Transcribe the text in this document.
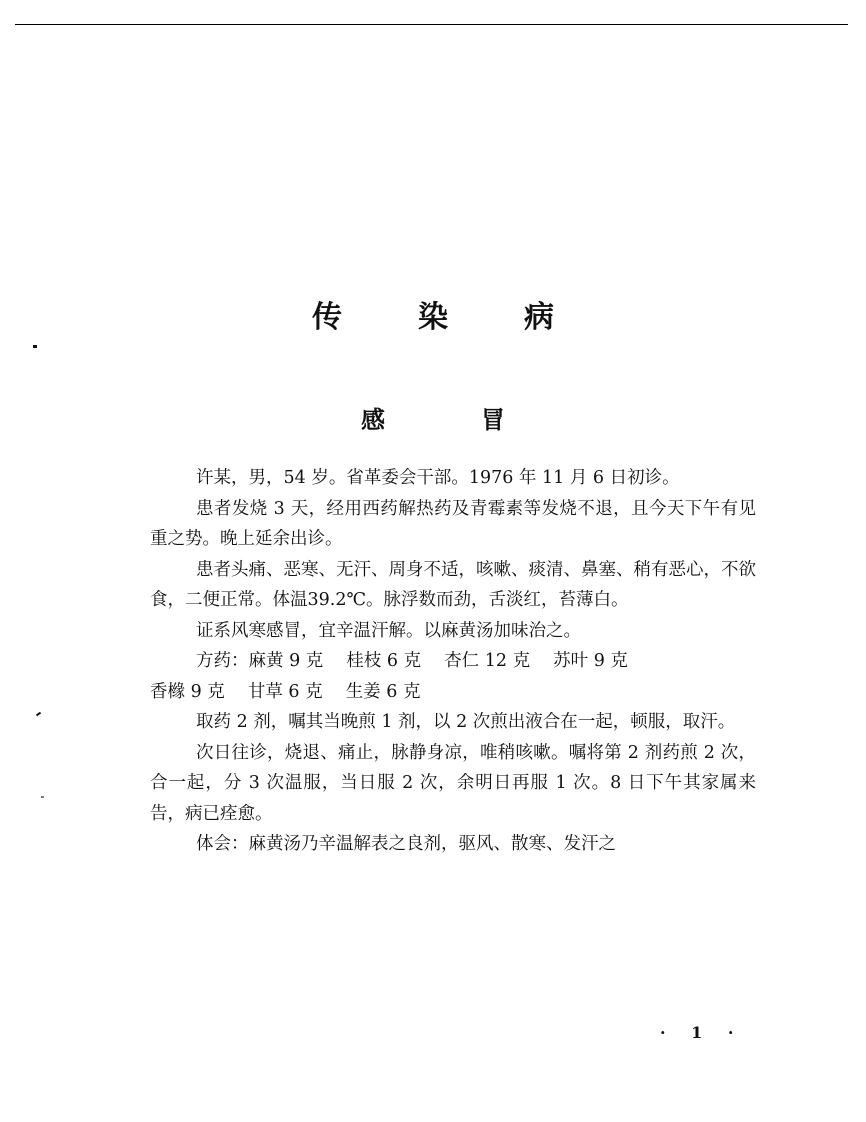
传	染	病
感	冒

许某，男，54 岁。省革委会干部。1976 年 11 月 6 日初诊。

患者发烧 3 天，经用西药解热药及青霉素等发烧不退，且今天下午有见重之势。晚上延余出诊。

患者头痛、恶寒、无汗、周身不适，咳嗽、痰清、鼻塞、稍有恶心，不欲食，二便正常。体温39.2℃。脉浮数而劲，舌淡红，苔薄白。

证系风寒感冒，宜辛温汗解。以麻黄汤加味治之。

方药：麻黄 9 克　 桂枝 6 克　 杏仁 12 克　 苏叶 9 克

香橼 9 克　 甘草 6 克　 生姜 6 克

取药 2 剂，嘱其当晚煎 1 剂，以 2 次煎出液合在一起，顿服，取汗。

次日往诊，烧退、痛止，脉静身凉，唯稍咳嗽。嘱将第 2 剂药煎 2 次，合一起，分 3 次温服，当日服 2 次，余明日再服 1 次。8 日下午其家属来告，病已痊愈。

体会：麻黄汤乃辛温解表之良剂，驱风、散寒、发汗之

· 1 ·
